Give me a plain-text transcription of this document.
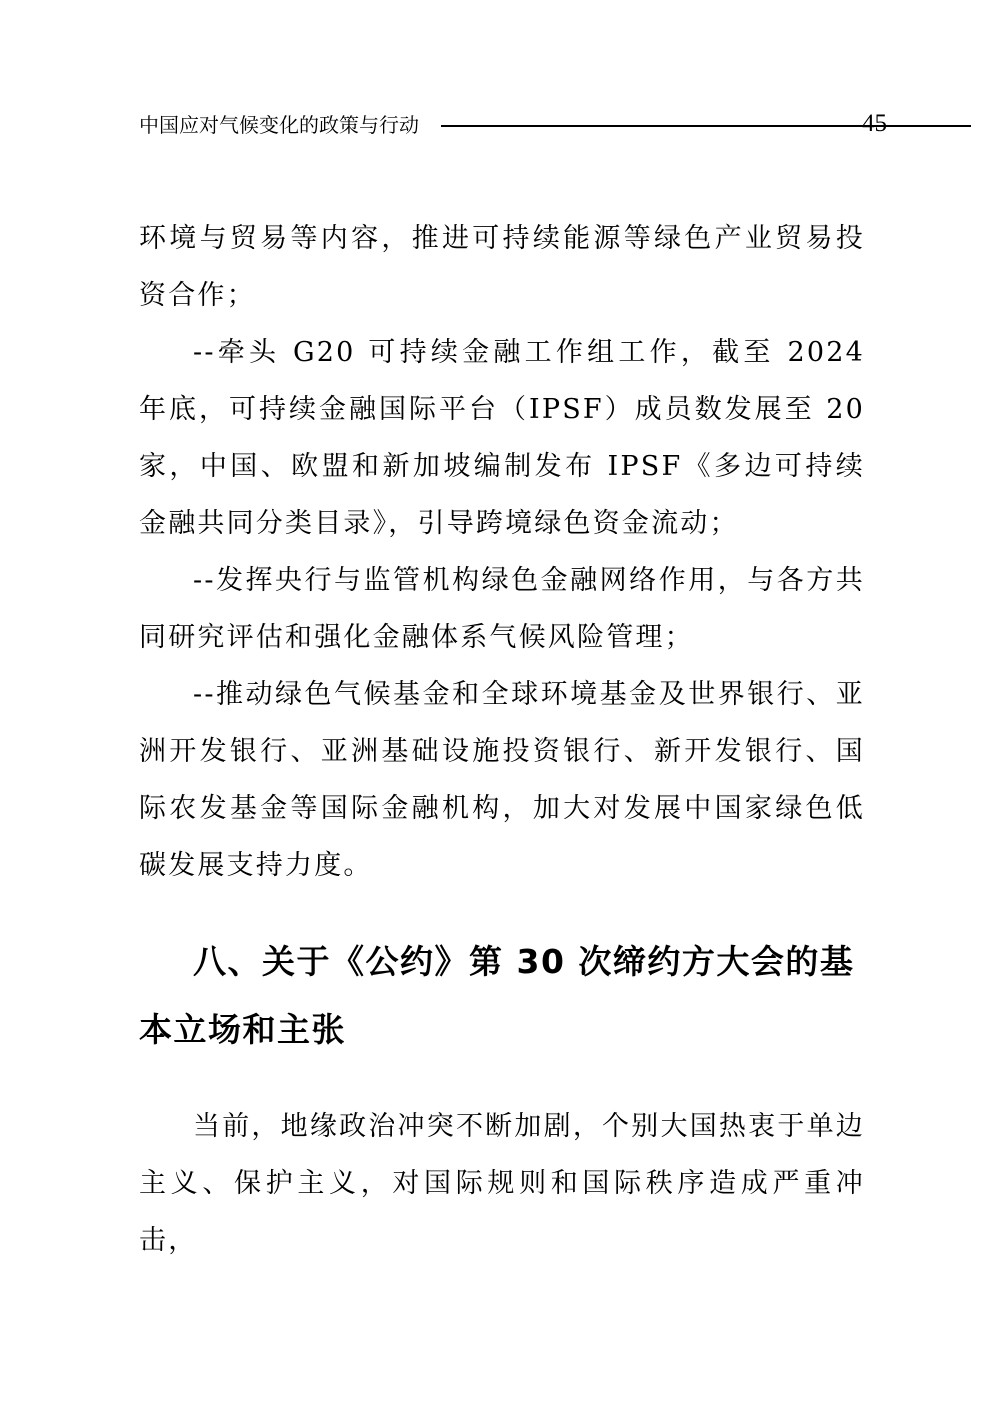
中国应对气候变化的政策与行动	45

环境与贸易等内容，推进可持续能源等绿色产业贸易投资合作；

--牵头 G20 可持续金融工作组工作，截至 2024 年底，可持续金融国际平台（IPSF）成员数发展至 20 家，中国、欧盟和新加坡编制发布 IPSF《多边可持续金融共同分类目录》，引导跨境绿色资金流动；

--发挥央行与监管机构绿色金融网络作用，与各方共同研究评估和强化金融体系气候风险管理；

--推动绿色气候基金和全球环境基金及世界银行、亚洲开发银行、亚洲基础设施投资银行、新开发银行、国际农发基金等国际金融机构，加大对发展中国家绿色低碳发展支持力度。

八、关于《公约》第 30 次缔约方大会的基本立场和主张

当前，地缘政治冲突不断加剧，个别大国热衷于单边主义、保护主义，对国际规则和国际秩序造成严重冲击，
